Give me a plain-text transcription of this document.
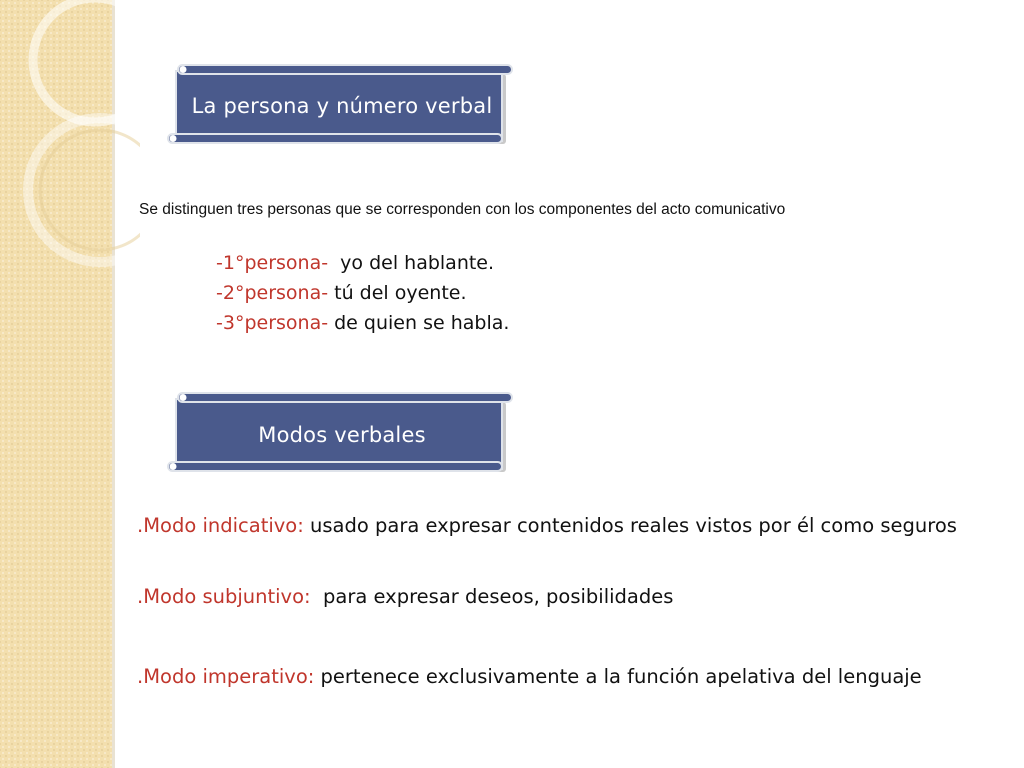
La persona y número verbal
Se distinguen tres personas que se corresponden con los componentes del acto comunicativo
-1°persona- yo del hablante.
-2°persona- tú del oyente.
-3°persona- de quien se habla.
Modos verbales
.Modo indicativo: usado para expresar contenidos reales vistos por él como seguros
.Modo subjuntivo: para expresar deseos, posibilidades
.Modo imperativo: pertenece exclusivamente a la función apelativa del lenguaje
